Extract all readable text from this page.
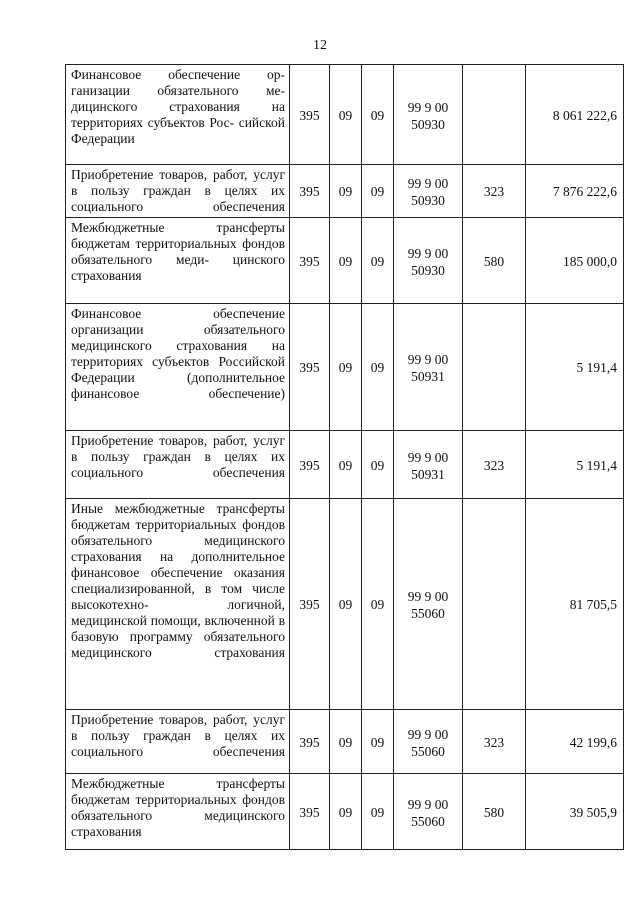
12
Финансовое обеспечение ор- ганизации обязательного ме- дицинского страхования на территориях субъектов Рос- сийской Федерации	395	09	09	99 9 00 50930		8 061 222,6
Приобретение товаров, работ, услуг в пользу граждан в целях их социального обеспечения	395	09	09	99 9 00 50930	323	7 876 222,6
Межбюджетные трансферты бюджетам территориальных фондов обязательного меди- цинского страхования	395	09	09	99 9 00 50930	580	185 000,0
Финансовое обеспечение организации обязательного медицинского страхования на территориях субъектов Российской Федерации (дополнительное финансовое обеспечение)	395	09	09	99 9 00 50931		5 191,4
Приобретение товаров, работ, услуг в пользу граждан в целях их социального обеспечения	395	09	09	99 9 00 50931	323	5 191,4
Иные межбюджетные трансферты бюджетам территориальных фондов обязательного медицинского страхования на дополнительное финансовое обеспечение оказания специализированной, в том числе высокотехно- логичной, медицинской помощи, включенной в базовую программу обязательного медицинского страхования	395	09	09	99 9 00 55060		81 705,5
Приобретение товаров, работ, услуг в пользу граждан в целях их социального обеспечения	395	09	09	99 9 00 55060	323	42 199,6
Межбюджетные трансферты бюджетам территориальных фондов обязательного медицинского страхования	395	09	09	99 9 00 55060	580	39 505,9
